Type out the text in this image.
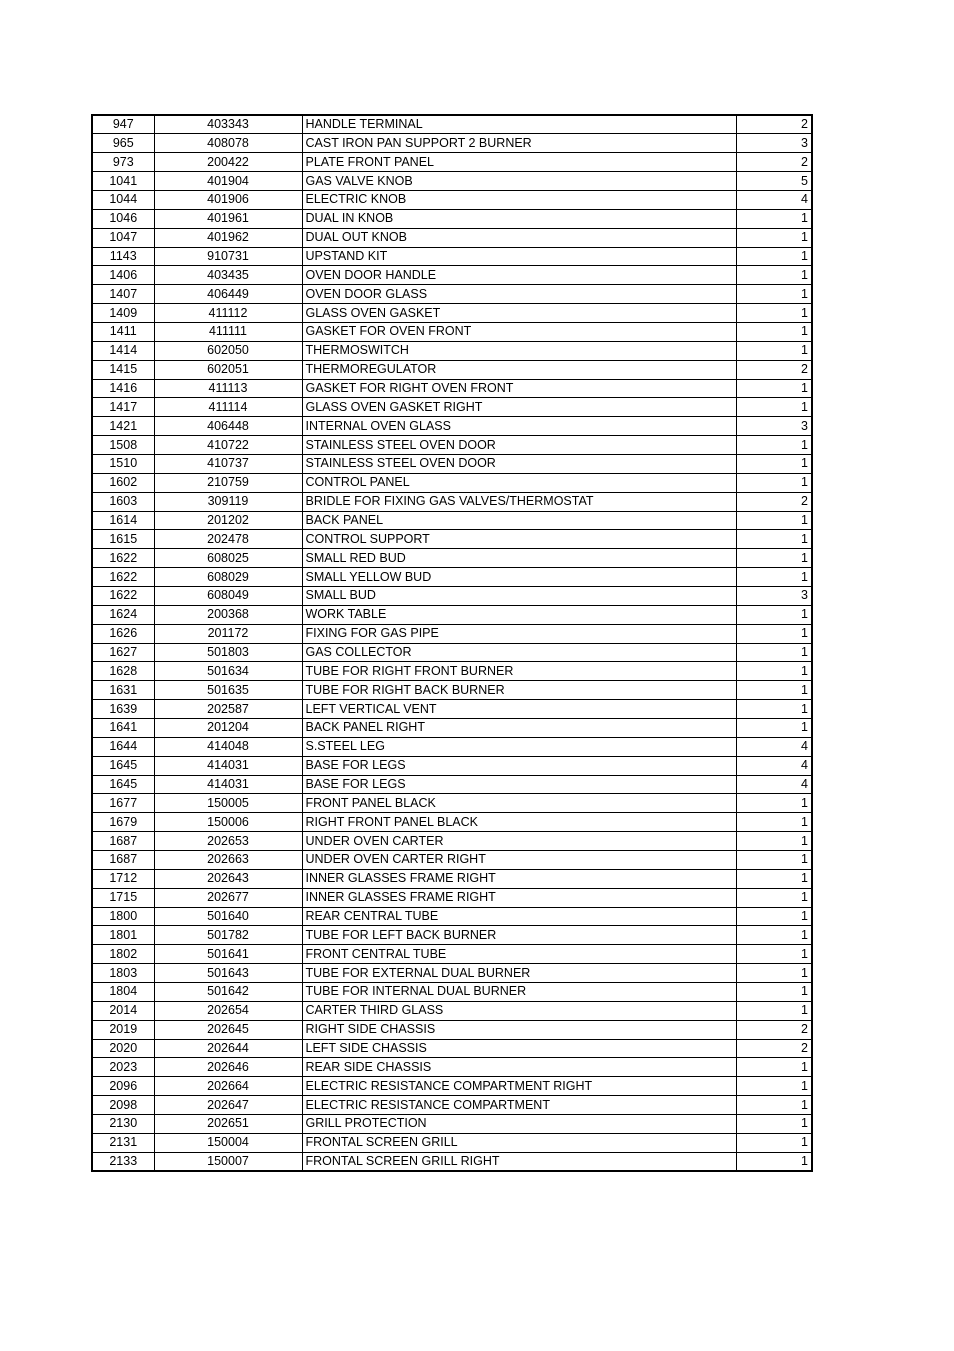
947	403343	HANDLE TERMINAL	2
965	408078	CAST IRON PAN SUPPORT 2 BURNER	3
973	200422	PLATE FRONT PANEL	2
1041	401904	GAS VALVE KNOB	5
1044	401906	ELECTRIC KNOB	4
1046	401961	DUAL IN KNOB	1
1047	401962	DUAL OUT KNOB	1
1143	910731	UPSTAND KIT	1
1406	403435	OVEN DOOR HANDLE	1
1407	406449	OVEN DOOR GLASS	1
1409	411112	GLASS OVEN GASKET	1
1411	411111	GASKET FOR OVEN FRONT	1
1414	602050	THERMOSWITCH	1
1415	602051	THERMOREGULATOR	2
1416	411113	GASKET FOR RIGHT OVEN FRONT	1
1417	411114	GLASS OVEN GASKET RIGHT	1
1421	406448	INTERNAL OVEN GLASS	3
1508	410722	STAINLESS STEEL OVEN DOOR	1
1510	410737	STAINLESS STEEL OVEN DOOR	1
1602	210759	CONTROL PANEL	1
1603	309119	BRIDLE FOR FIXING GAS VALVES/THERMOSTAT	2
1614	201202	BACK PANEL	1
1615	202478	CONTROL SUPPORT	1
1622	608025	SMALL RED BUD	1
1622	608029	SMALL YELLOW BUD	1
1622	608049	SMALL BUD	3
1624	200368	WORK TABLE	1
1626	201172	FIXING FOR GAS PIPE	1
1627	501803	GAS COLLECTOR	1
1628	501634	TUBE FOR RIGHT FRONT BURNER	1
1631	501635	TUBE FOR RIGHT BACK BURNER	1
1639	202587	LEFT VERTICAL VENT	1
1641	201204	BACK PANEL RIGHT	1
1644	414048	S.STEEL LEG	4
1645	414031	BASE FOR LEGS	4
1645	414031	BASE FOR LEGS	4
1677	150005	FRONT PANEL BLACK	1
1679	150006	RIGHT FRONT PANEL BLACK	1
1687	202653	UNDER OVEN CARTER	1
1687	202663	UNDER OVEN CARTER RIGHT	1
1712	202643	INNER GLASSES FRAME RIGHT	1
1715	202677	INNER GLASSES FRAME RIGHT	1
1800	501640	REAR CENTRAL TUBE	1
1801	501782	TUBE FOR LEFT BACK BURNER	1
1802	501641	FRONT CENTRAL TUBE	1
1803	501643	TUBE FOR EXTERNAL DUAL BURNER	1
1804	501642	TUBE FOR INTERNAL DUAL BURNER	1
2014	202654	CARTER THIRD GLASS	1
2019	202645	RIGHT SIDE CHASSIS	2
2020	202644	LEFT SIDE CHASSIS	2
2023	202646	REAR SIDE CHASSIS	1
2096	202664	ELECTRIC RESISTANCE COMPARTMENT RIGHT	1
2098	202647	ELECTRIC RESISTANCE COMPARTMENT	1
2130	202651	GRILL PROTECTION	1
2131	150004	FRONTAL SCREEN GRILL	1
2133	150007	FRONTAL SCREEN GRILL RIGHT	1
